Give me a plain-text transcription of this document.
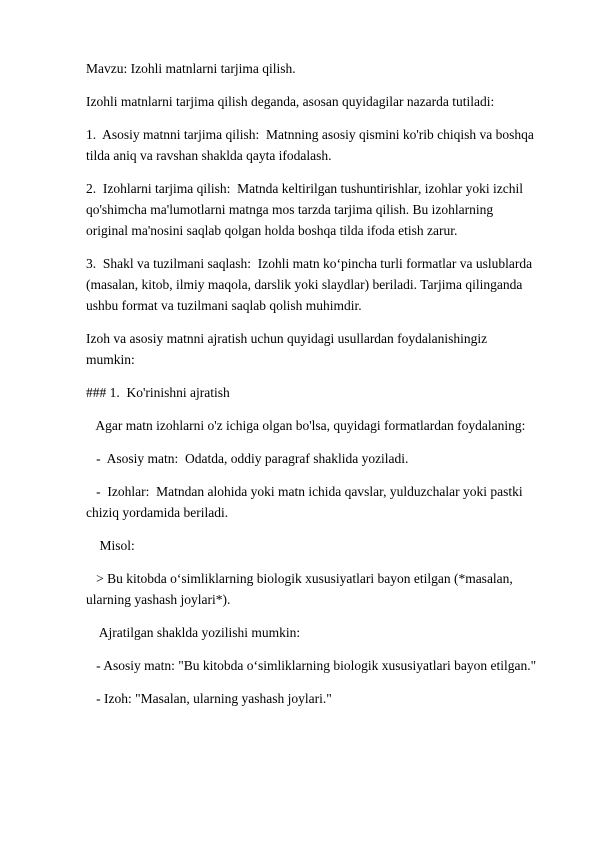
Mavzu: Izohli matnlarni tarjima qilish.

Izohli matnlarni tarjima qilish deganda, asosan quyidagilar nazarda tutiladi:

1.  Asosiy matnni tarjima qilish:  Matnning asosiy qismini ko'rib chiqish va boshqa

tilda aniq va ravshan shaklda qayta ifodalash.

2.  Izohlarni tarjima qilish:  Matnda keltirilgan tushuntirishlar, izohlar yoki izchil

qo'shimcha ma'lumotlarni matnga mos tarzda tarjima qilish. Bu izohlarning

original ma'nosini saqlab qolgan holda boshqa tilda ifoda etish zarur.

3.  Shakl va tuzilmani saqlash:  Izohli matn ko‘pincha turli formatlar va uslublarda

(masalan, kitob, ilmiy maqola, darslik yoki slaydlar) beriladi. Tarjima qilinganda

ushbu format va tuzilmani saqlab qolish muhimdir.

Izoh va asosiy matnni ajratish uchun quyidagi usullardan foydalanishingiz

mumkin:

### 1.  Ko'rinishni ajratish

Agar matn izohlarni o'z ichiga olgan bo'lsa, quyidagi formatlardan foydalaning:

-  Asosiy matn:  Odatda, oddiy paragraf shaklida yoziladi.

-  Izohlar:  Matndan alohida yoki matn ichida qavslar, yulduzchalar yoki pastki

chiziq yordamida beriladi.

Misol:

> Bu kitobda o‘simliklarning biologik xususiyatlari bayon etilgan (*masalan,

ularning yashash joylari*).

Ajratilgan shaklda yozilishi mumkin:

- Asosiy matn: "Bu kitobda o‘simliklarning biologik xususiyatlari bayon etilgan."

- Izoh: "Masalan, ularning yashash joylari."
